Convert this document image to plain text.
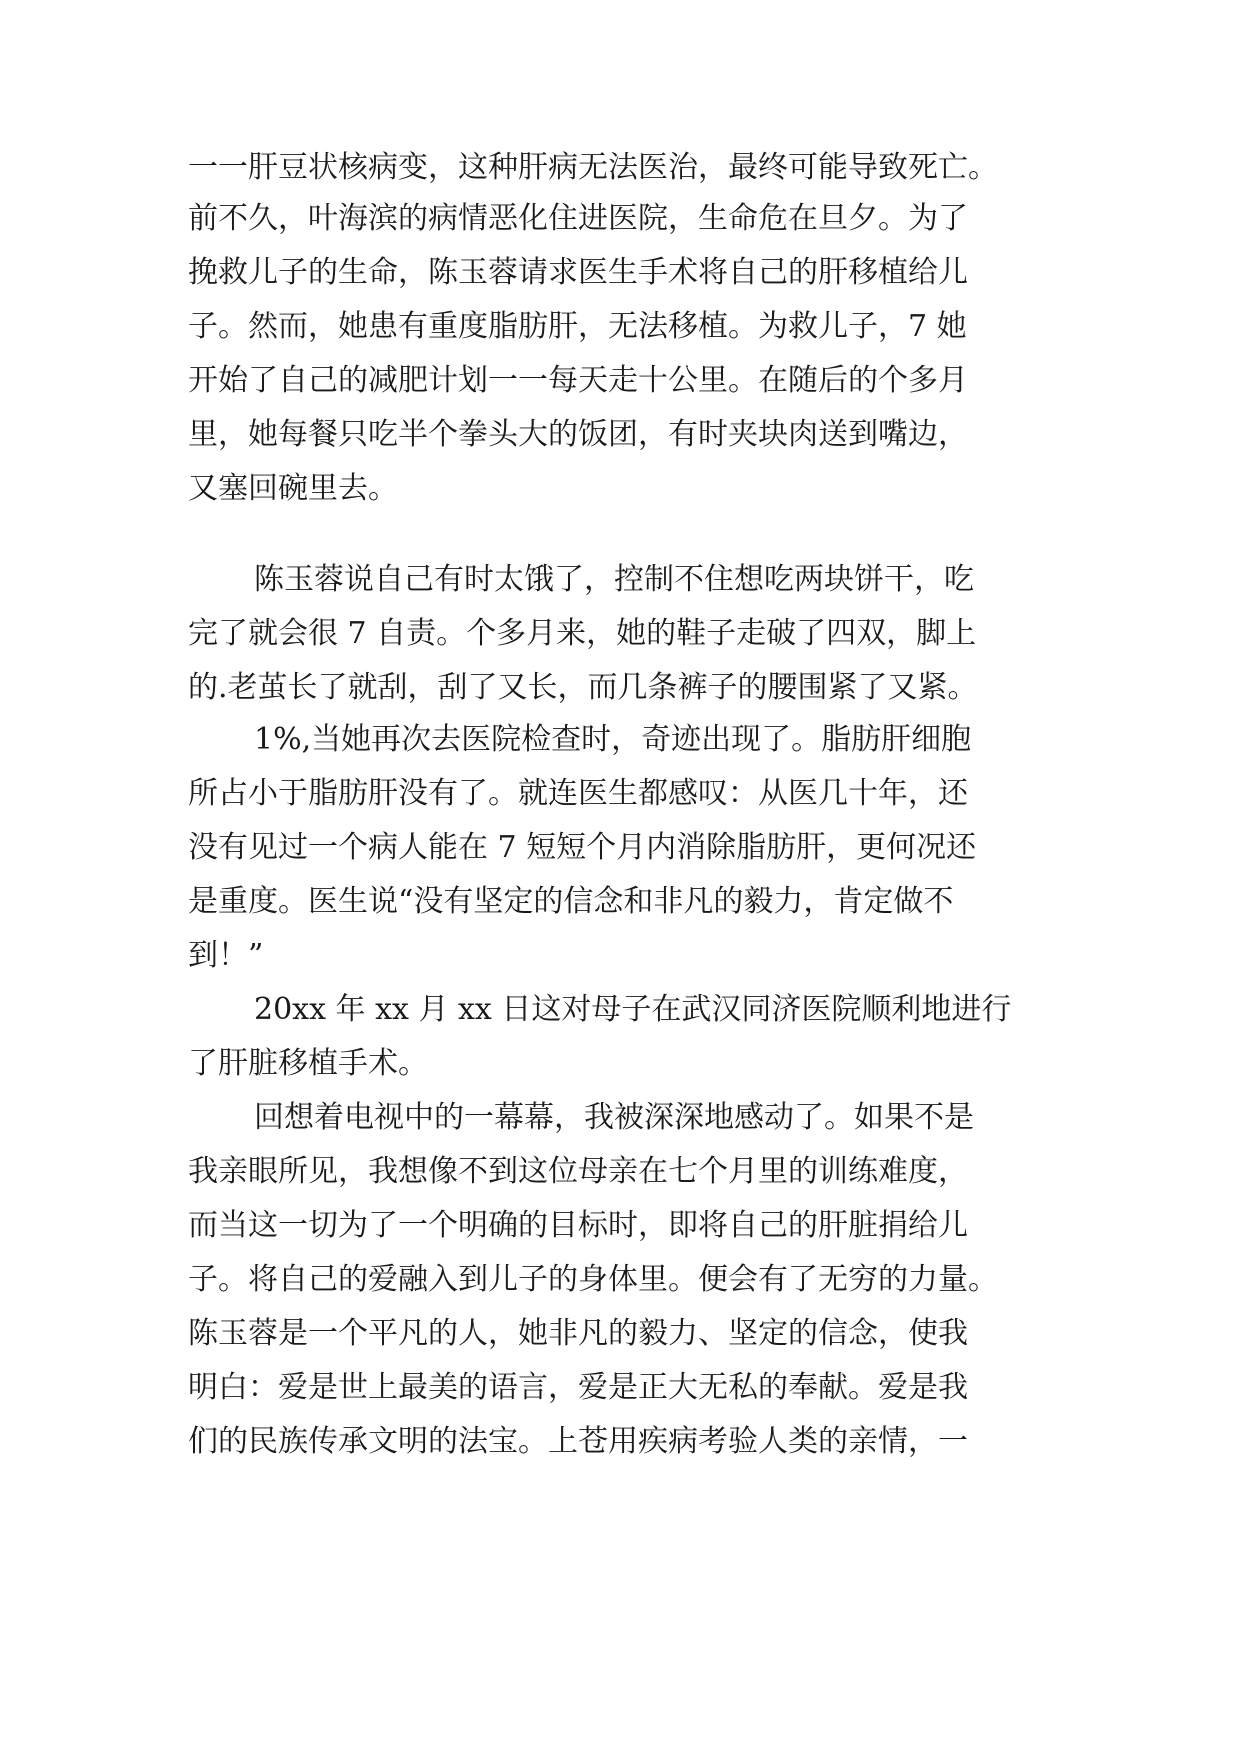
一一肝豆状核病变，这种肝病无法医治，最终可能导致死亡。

前不久，叶海滨的病情恶化住进医院，生命危在旦夕。为了

挽救儿子的生命，陈玉蓉请求医生手术将自己的肝移植给儿

子。然而，她患有重度脂肪肝，无法移植。为救儿子，7 她

开始了自己的减肥计划一一每天走十公里。在随后的个多月

里，她每餐只吃半个拳头大的饭团，有时夹块肉送到嘴边，

又塞回碗里去。

陈玉蓉说自己有时太饿了，控制不住想吃两块饼干，吃

完了就会很 7 自责。个多月来，她的鞋子走破了四双，脚上

的.老茧长了就刮，刮了又长，而几条裤子的腰围紧了又紧。

1%,当她再次去医院检查时，奇迹出现了。脂肪肝细胞

所占小于脂肪肝没有了。就连医生都感叹：从医几十年，还

没有见过一个病人能在 7 短短个月内消除脂肪肝，更何况还

是重度。医生说“没有坚定的信念和非凡的毅力，肯定做不

到！”

20xx 年 xx 月 xx 日这对母子在武汉同济医院顺利地进行

了肝脏移植手术。

回想着电视中的一幕幕，我被深深地感动了。如果不是

我亲眼所见，我想像不到这位母亲在七个月里的训练难度，

而当这一切为了一个明确的目标时，即将自己的肝脏捐给儿

子。将自己的爱融入到儿子的身体里。便会有了无穷的力量。

陈玉蓉是一个平凡的人，她非凡的毅力、坚定的信念，使我

明白：爱是世上最美的语言，爱是正大无私的奉献。爱是我

们的民族传承文明的法宝。上苍用疾病考验人类的亲情，一
